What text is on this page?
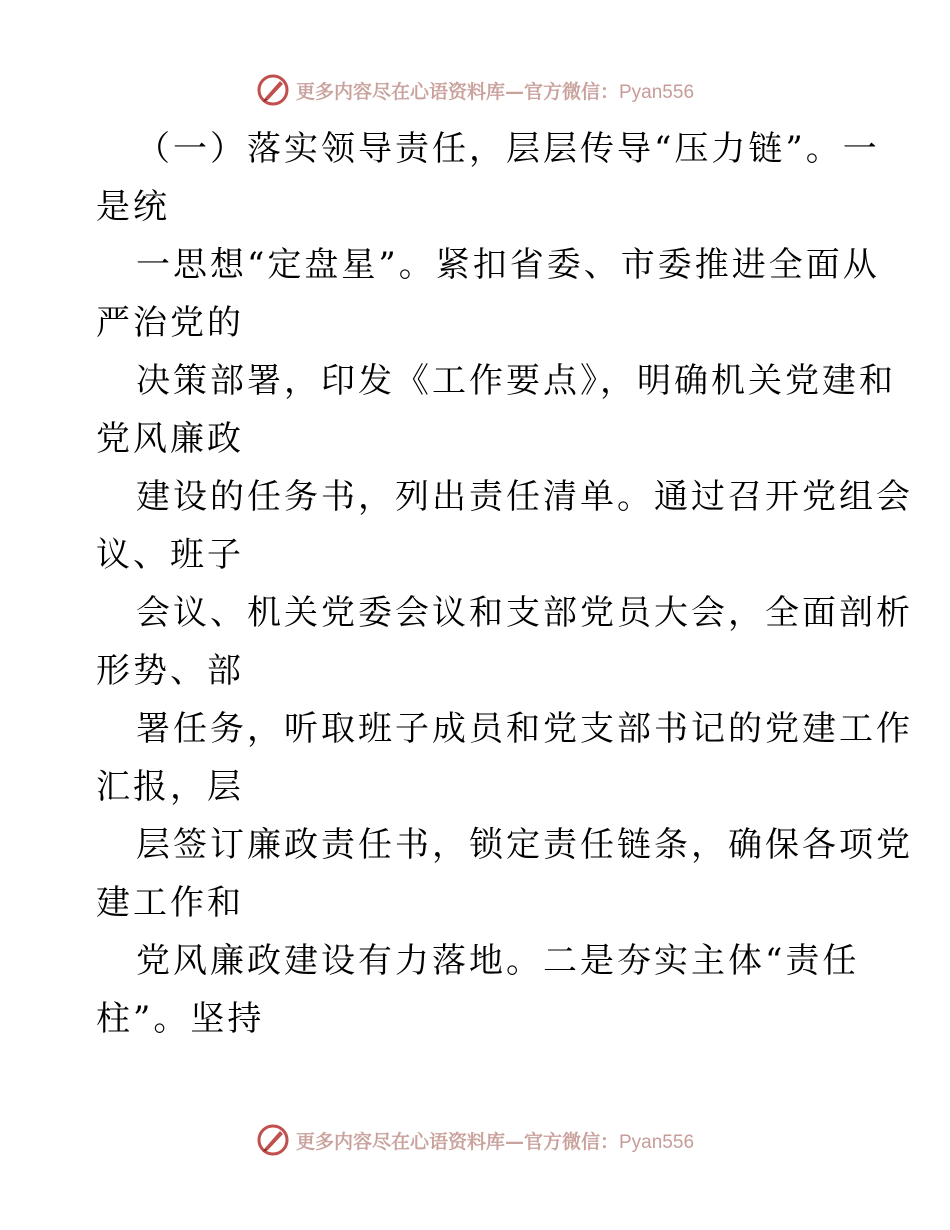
更多内容尽在心语资料库—官方微信：Pyan556
（一）落实领导责任，层层传导“压力链”。一
是统
一思想“定盘星”。紧扣省委、市委推进全面从
严治党的
决策部署，印发《工作要点》，明确机关党建和
党风廉政
建设的任务书，列出责任清单。通过召开党组会
议、班子
会议、机关党委会议和支部党员大会，全面剖析
形势、部
署任务，听取班子成员和党支部书记的党建工作
汇报，层
层签订廉政责任书，锁定责任链条，确保各项党
建工作和
党风廉政建设有力落地。二是夯实主体“责任
柱”。坚持
更多内容尽在心语资料库—官方微信：Pyan556
